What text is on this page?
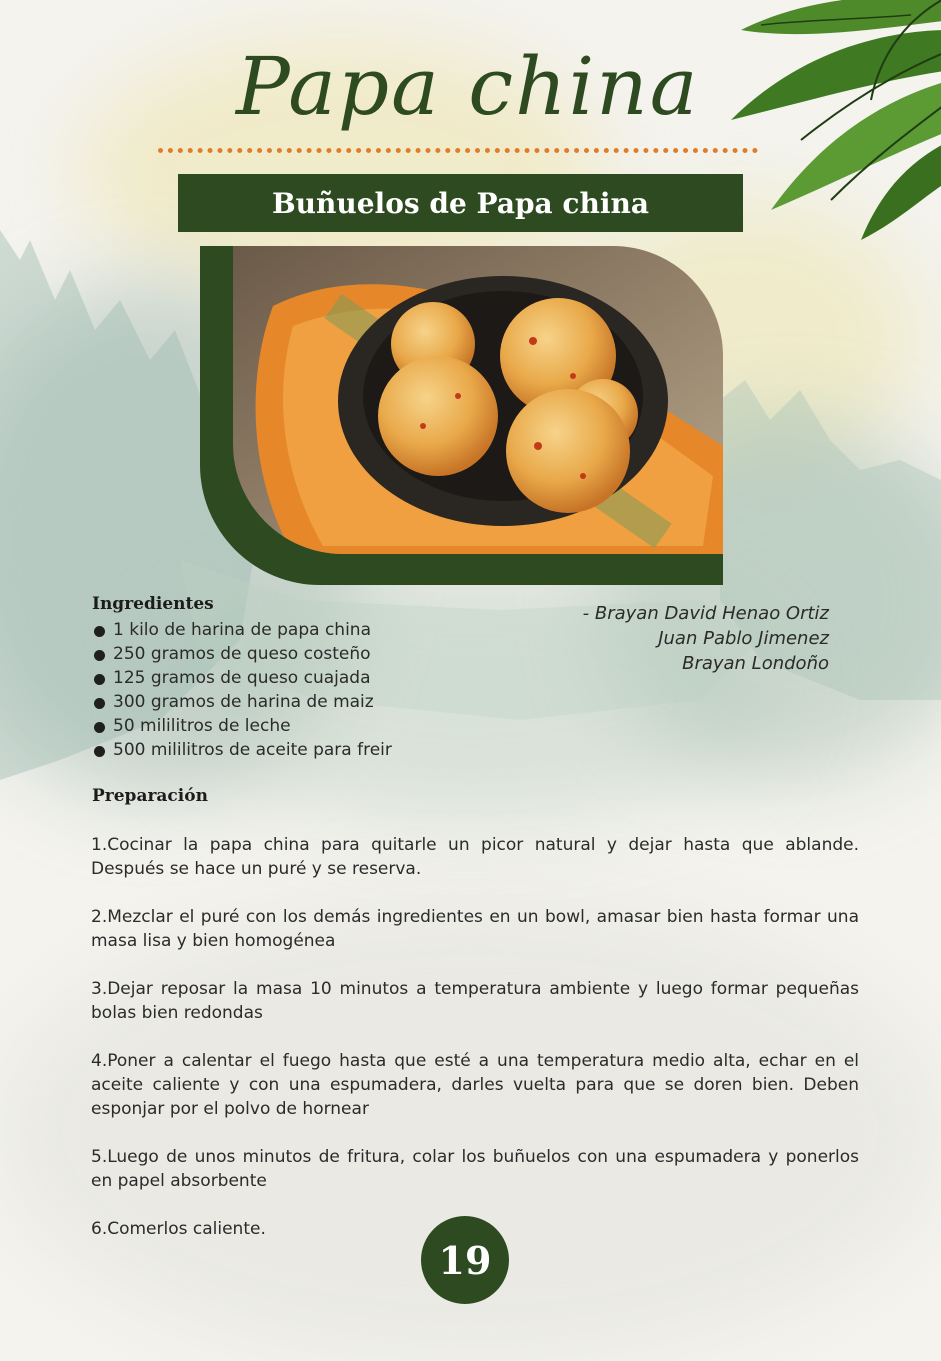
Papa china
Buñuelos de Papa china
Ingredientes
1 kilo de harina de papa china
250 gramos de queso costeño
125 gramos de queso cuajada
300 gramos de harina de maiz
50 mililitros de leche
500 mililitros de aceite para freir
- Brayan David Henao Ortiz
Juan Pablo Jimenez
Brayan Londoño
Preparación

1.Cocinar la papa china para quitarle un picor natural y dejar hasta que ablande. Después se hace un puré y se reserva.

2.Mezclar el puré con los demás ingredientes en un bowl, amasar bien hasta formar una masa lisa y bien homogénea

3.Dejar reposar la masa 10 minutos a temperatura ambiente y luego formar pequeñas bolas bien redondas

4.Poner a calentar el fuego hasta que esté a una temperatura medio alta, echar en el aceite caliente y con una espumadera, darles vuelta para que se doren bien. Deben esponjar por el polvo de hornear

5.Luego de unos minutos de fritura, colar los buñuelos con una espumadera y ponerlos en papel absorbente

6.Comerlos caliente.

19
